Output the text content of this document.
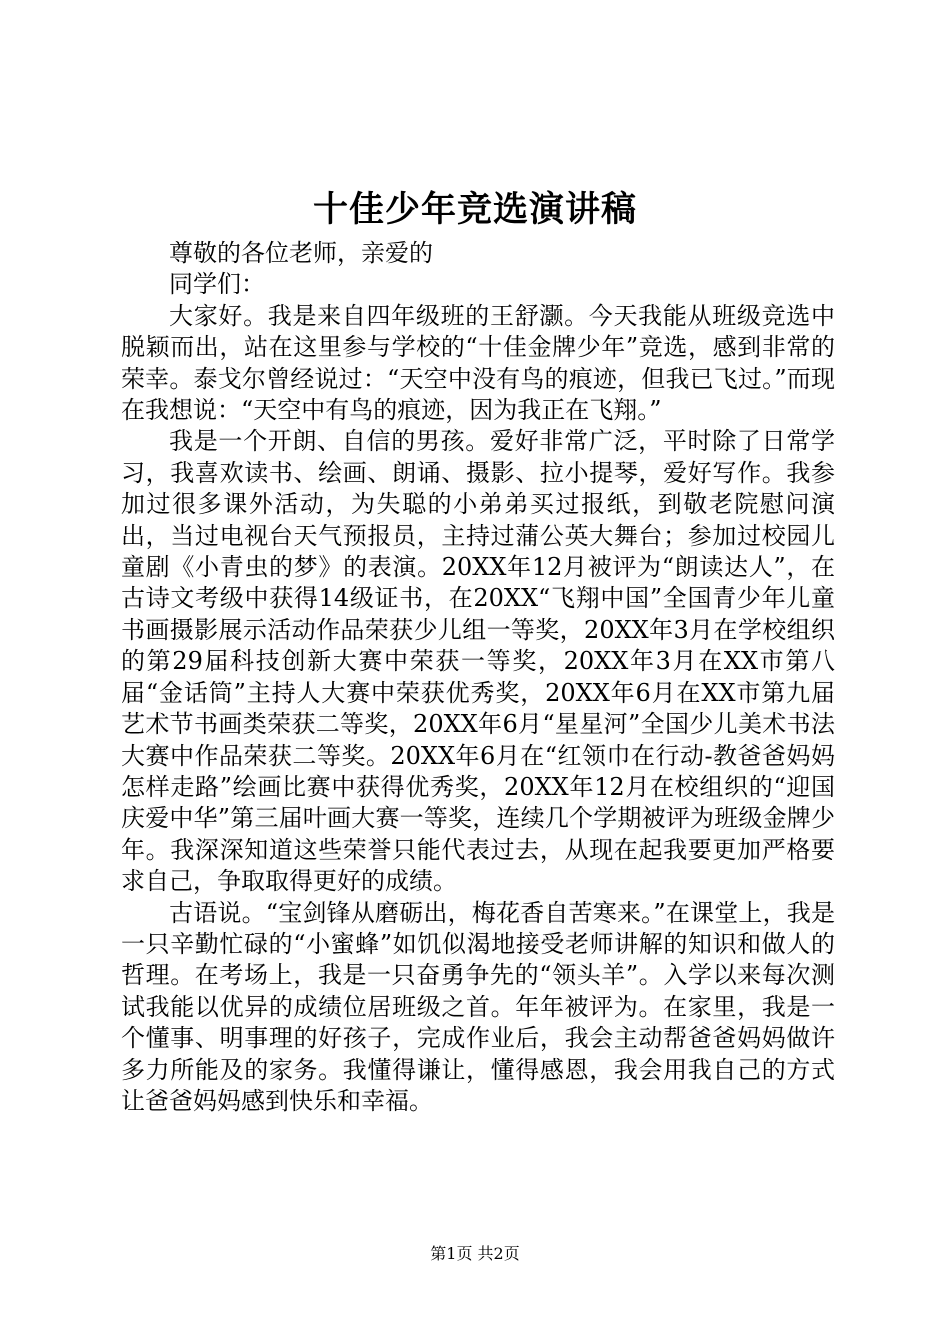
十佳少年竞选演讲稿

尊敬的各位老师，亲爱的

同学们：

大家好。我是来自四年级班的王舒灏。今天我能从班级竞选中脱颖而出，站在这里参与学校的“十佳金牌少年”竞选，感到非常的荣幸。泰戈尔曾经说过：“天空中没有鸟的痕迹，但我已飞过。”而现在我想说：“天空中有鸟的痕迹，因为我正在飞翔。”

我是一个开朗、自信的男孩。爱好非常广泛，平时除了日常学习，我喜欢读书、绘画、朗诵、摄影、拉小提琴，爱好写作。我参加过很多课外活动，为失聪的小弟弟买过报纸，到敬老院慰问演出，当过电视台天气预报员，主持过蒲公英大舞台；参加过校园儿童剧《小青虫的梦》的表演。20XX年12月被评为“朗读达人”，在古诗文考级中获得14级证书，在20XX“飞翔中国”全国青少年儿童书画摄影展示活动作品荣获少儿组一等奖，20XX年3月在学校组织的第29届科技创新大赛中荣获一等奖，20XX年3月在XX市第八届“金话筒”主持人大赛中荣获优秀奖，20XX年6月在XX市第九届艺术节书画类荣获二等奖，20XX年6月“星星河”全国少儿美术书法大赛中作品荣获二等奖。20XX年6月在“红领巾在行动-教爸爸妈妈怎样走路”绘画比赛中获得优秀奖，20XX年12月在校组织的“迎国庆爱中华”第三届叶画大赛一等奖，连续几个学期被评为班级金牌少年。我深深知道这些荣誉只能代表过去，从现在起我要更加严格要求自己，争取取得更好的成绩。

古语说。“宝剑锋从磨砺出，梅花香自苦寒来。”在课堂上，我是一只辛勤忙碌的“小蜜蜂”如饥似渴地接受老师讲解的知识和做人的哲理。在考场上，我是一只奋勇争先的“领头羊”。入学以来每次测试我能以优异的成绩位居班级之首。年年被评为。在家里，我是一个懂事、明事理的好孩子，完成作业后，我会主动帮爸爸妈妈做许多力所能及的家务。我懂得谦让，懂得感恩，我会用我自己的方式让爸爸妈妈感到快乐和幸福。

第1页 共2页
